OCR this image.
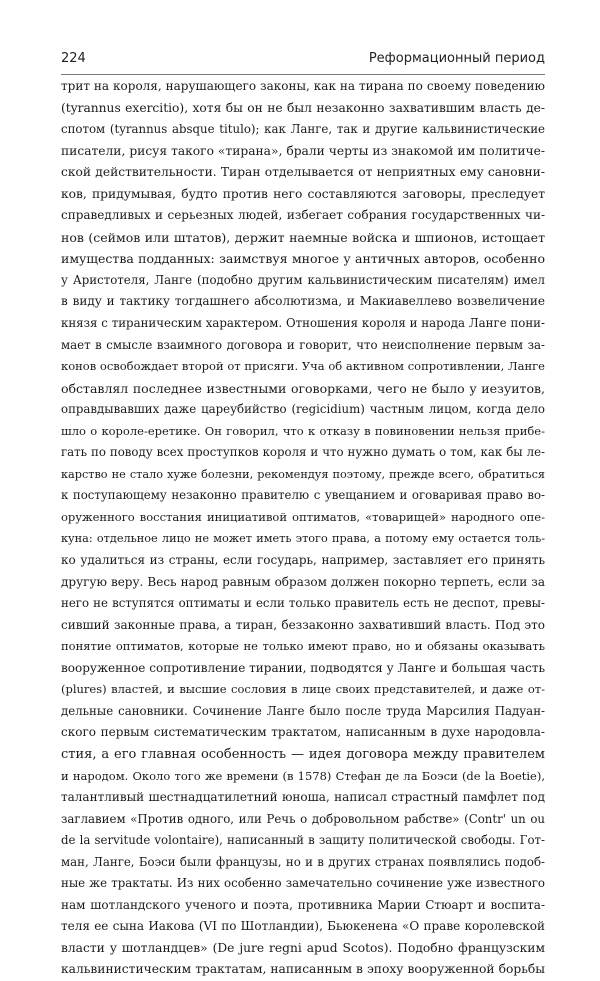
224	Реформационный период
трит на короля, нарушающего законы, как на тирана по своему поведению
(tyrannus exercitio), хотя бы он не был незаконно захватившим власть де-
спотом (tyrannus absque titulo); как Ланге, так и другие кальвинистические
писатели, рисуя такого «тирана», брали черты из знакомой им политиче-
ской действительности. Тиран отделывается от неприятных ему сановни-
ков, придумывая, будто против него составляются заговоры, преследует
справедливых и серьезных людей, избегает собрания государственных чи-
нов (сеймов или штатов), держит наемные войска и шпионов, истощает
имущества подданных: заимствуя многое у античных авторов, особенно
у Аристотеля, Ланге (подобно другим кальвинистическим писателям) имел
в виду и тактику тогдашнего абсолютизма, и Макиавеллево возвеличение
князя с тираническим характером. Отношения короля и народа Ланге пони-
мает в смысле взаимного договора и говорит, что неисполнение первым за-
конов освобождает второй от присяги. Уча об активном сопротивлении, Ланге
обставлял последнее известными оговорками, чего не было у иезуитов,
оправдывавших даже цареубийство (regicidium) частным лицом, когда дело
шло о короле-еретике. Он говорил, что к отказу в повиновении нельзя прибе-
гать по поводу всех проступков короля и что нужно думать о том, как бы ле-
карство не стало хуже болезни, рекомендуя поэтому, прежде всего, обратиться
к поступающему незаконно правителю с увещанием и оговаривая право во-
оруженного восстания инициативой оптиматов, «товарищей» народного опе-
куна: отдельное лицо не может иметь этого права, а потому ему остается толь-
ко удалиться из страны, если государь, например, заставляет его принять
другую веру. Весь народ равным образом должен покорно терпеть, если за
него не вступятся оптиматы и если только правитель есть не деспот, превы-
сивший законные права, а тиран, беззаконно захвативший власть. Под это
понятие оптиматов, которые не только имеют право, но и обязаны оказывать
вооруженное сопротивление тирании, подводятся у Ланге и большая часть
(plures) властей, и высшие сословия в лице своих представителей, и даже от-
дельные сановники. Сочинение Ланге было после труда Марсилия Падуан-
ского первым систематическим трактатом, написанным в духе народовла-
стия, а его главная особенность — идея договора между правителем
и народом. Около того же времени (в 1578) Стефан де ла Боэси (de la Boetie),
талантливый шестнадцатилетний юноша, написал страстный памфлет под
заглавием «Против одного, или Речь о добровольном рабстве» (Contr' un ou
de la servitude volontaire), написанный в защиту политической свободы. Гот-
ман, Ланге, Боэси были французы, но и в других странах появлялись подоб-
ные же трактаты. Из них особенно замечательно сочинение уже известного
нам шотландского ученого и поэта, противника Марии Стюарт и воспита-
теля ее сына Иакова (VI по Шотландии), Бьюкенена «О праве королевской
власти у шотландцев» (De jure regni apud Scotos). Подобно французским
кальвинистическим трактатам, написанным в эпоху вооруженной борьбы
